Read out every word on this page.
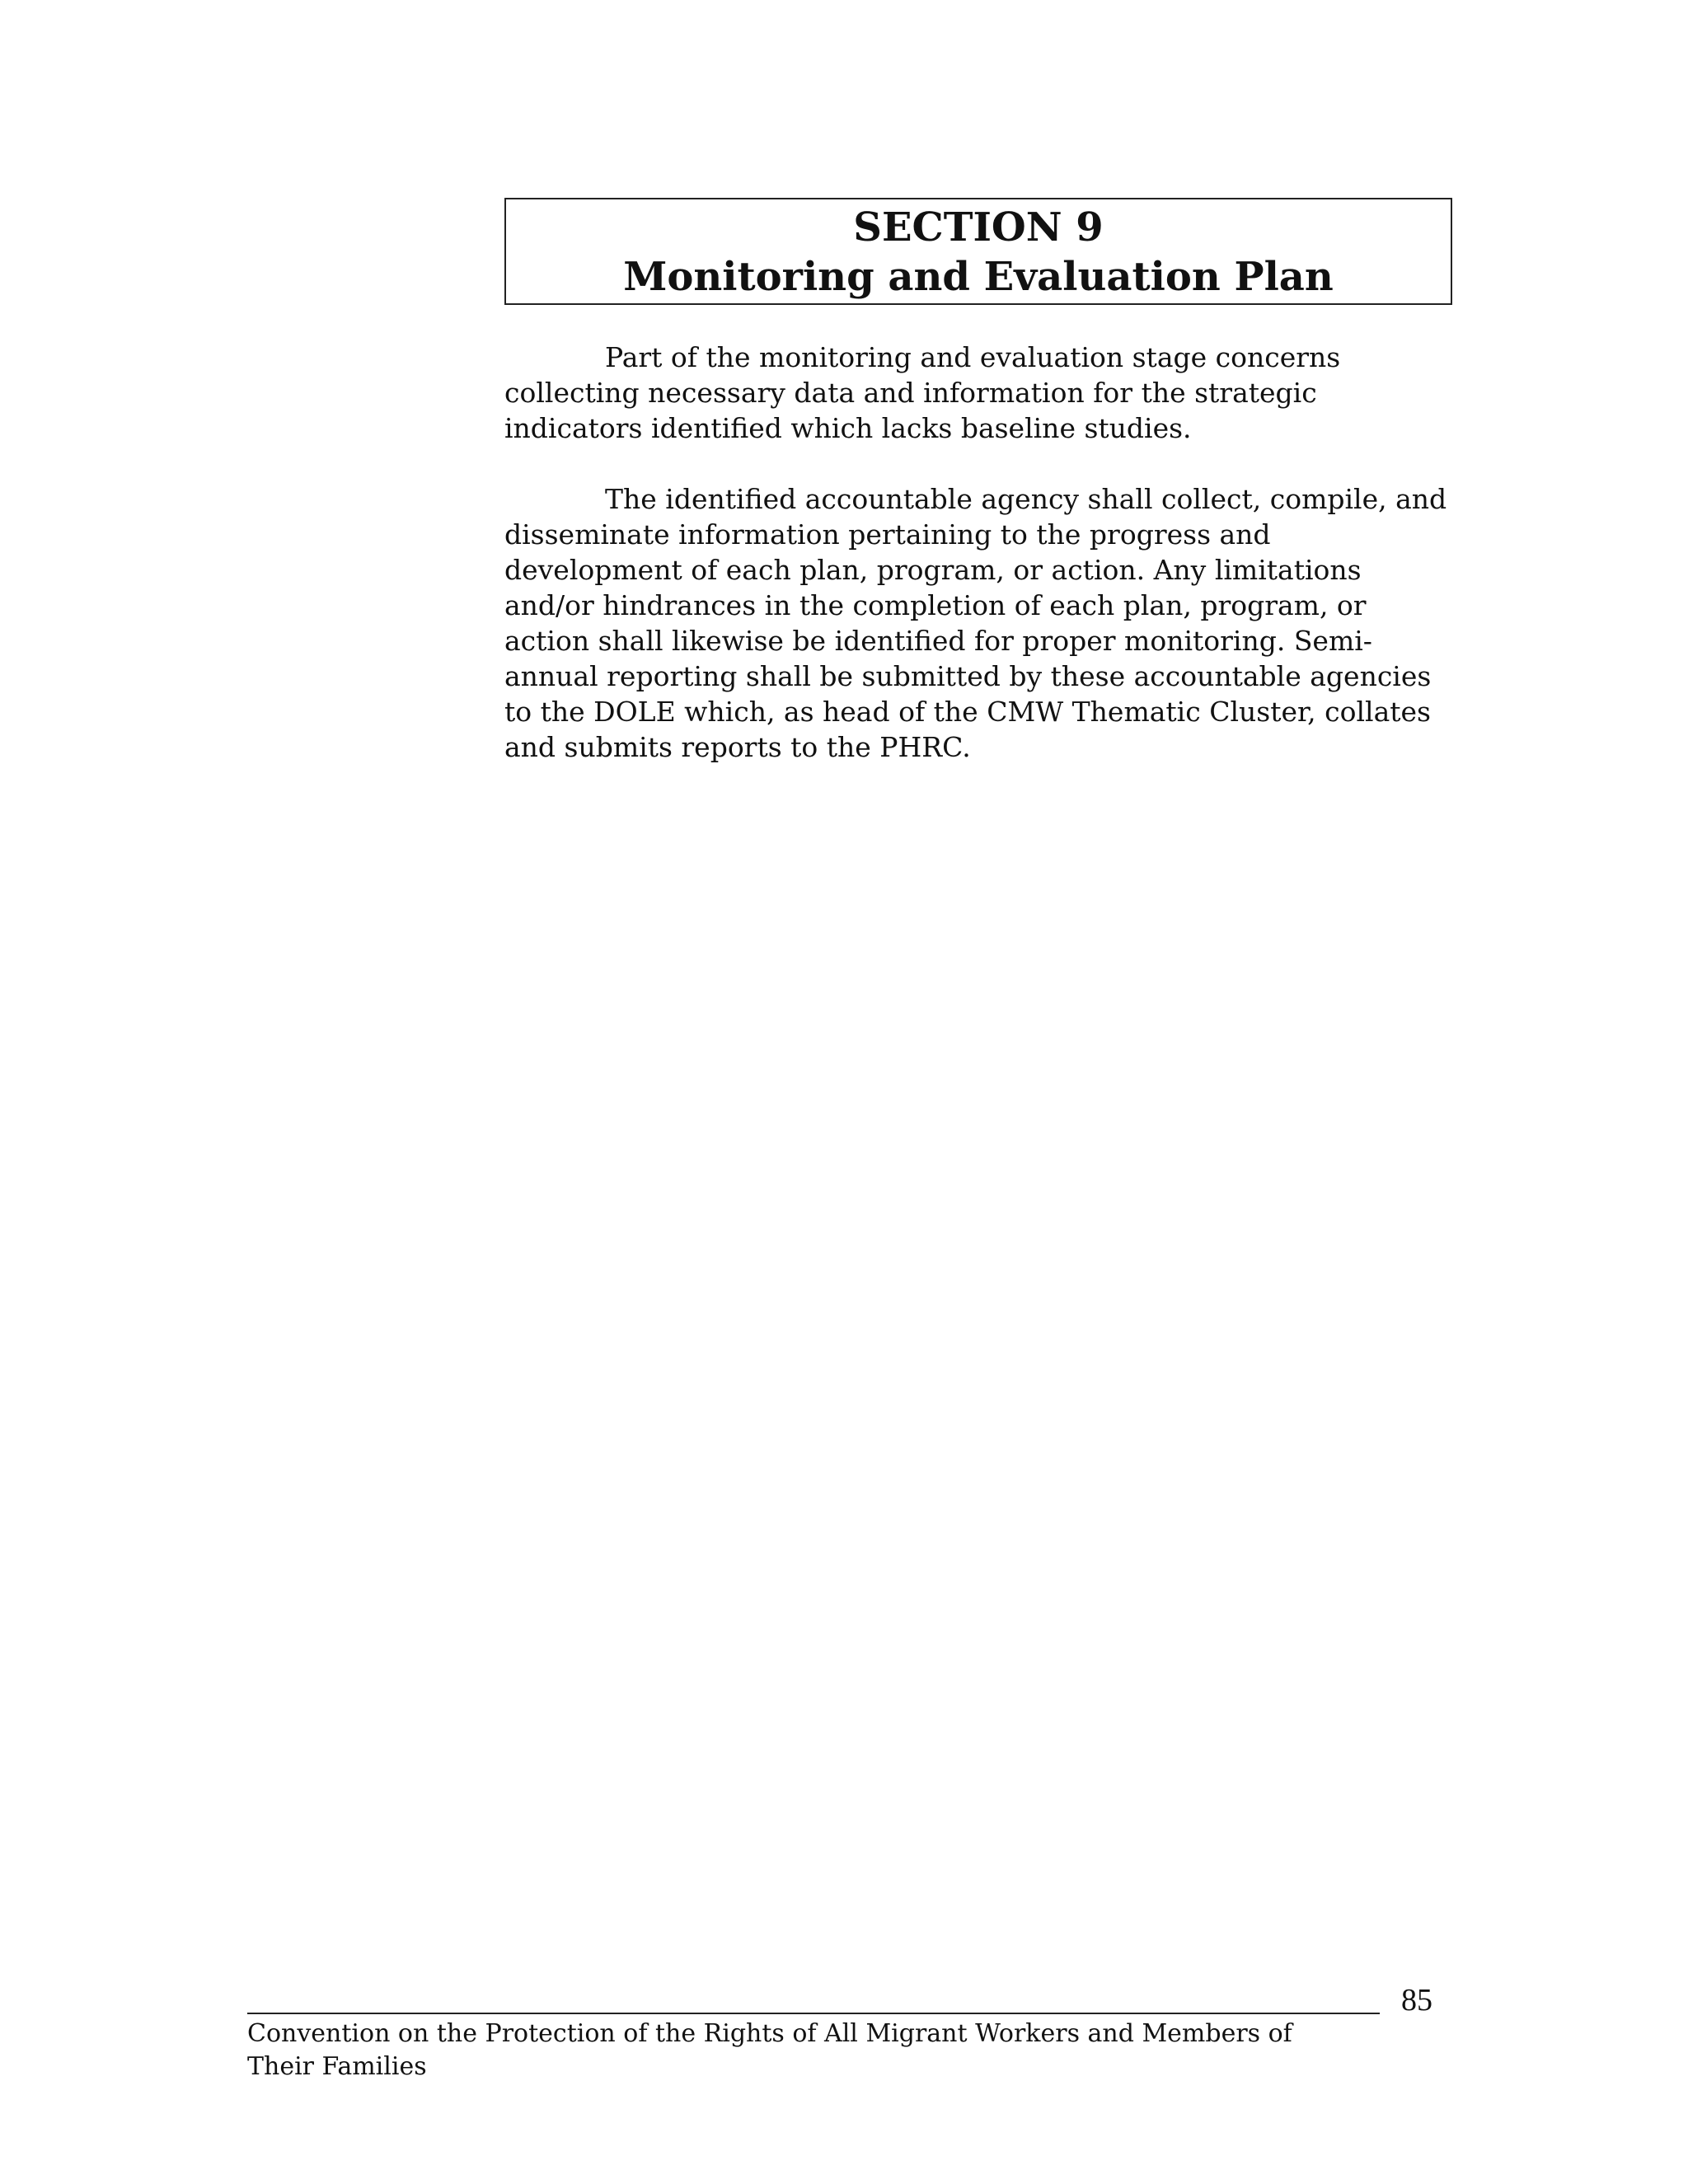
SECTION 9
Monitoring and Evaluation Plan

Part of the monitoring and evaluation stage concerns collecting necessary data and information for the strategic indicators identified which lacks baseline studies.

The identified accountable agency shall collect, compile, and disseminate information pertaining to the progress and development of each plan, program, or action. Any limitations and/or hindrances in the completion of each plan, program, or action shall likewise be identified for proper monitoring. Semi-annual reporting shall be submitted by these accountable agencies to the DOLE which, as head of the CMW Thematic Cluster, collates and submits reports to the PHRC.

85
Convention on the Protection of the Rights of All Migrant Workers and Members of Their Families
